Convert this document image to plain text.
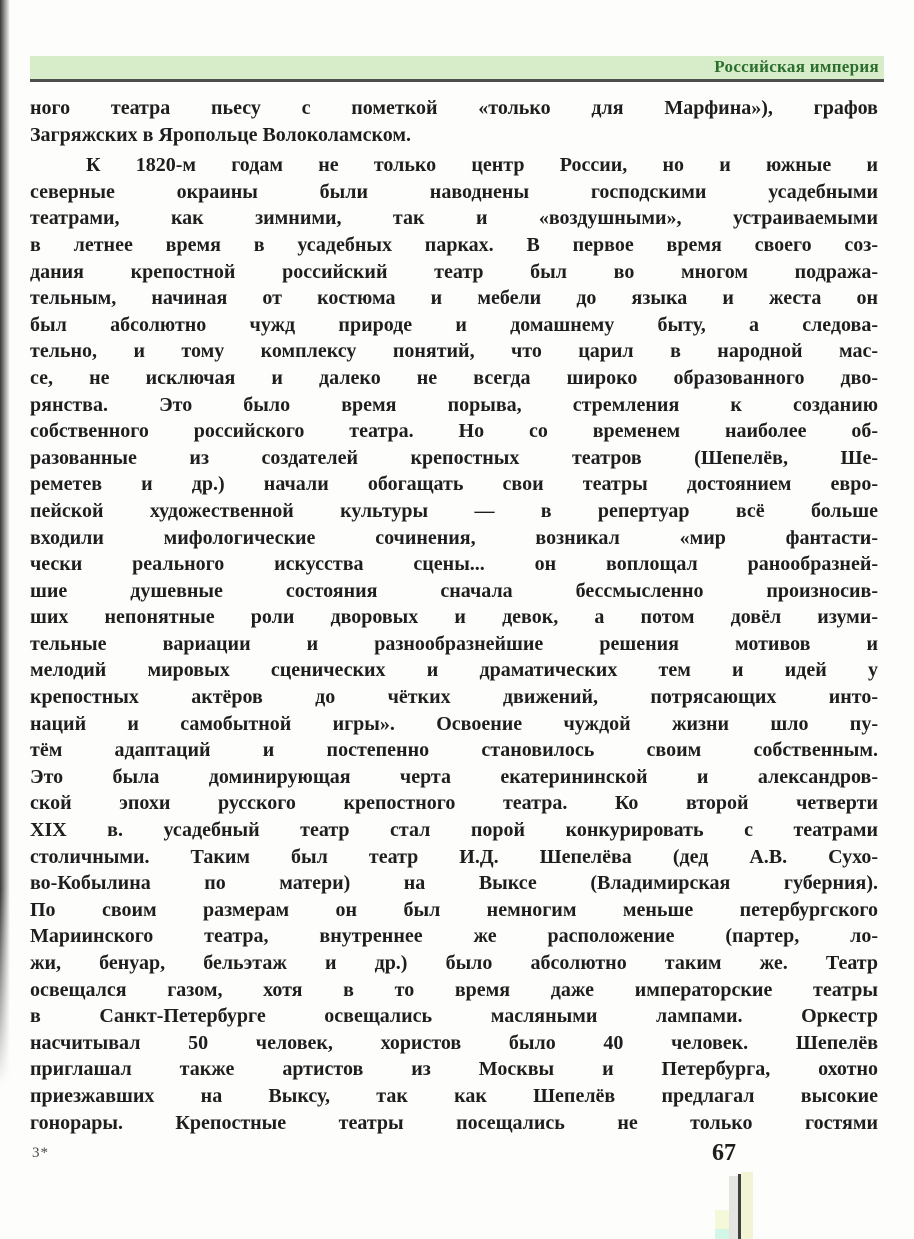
Российская империя
ного театра пьесу с пометкой «только для Марфина»), графов
Загряжских в Яропольце Волоколамском.
К 1820-м годам не только центр России, но и южные и
северные окраины были наводнены господскими усадебными
театрами, как зимними, так и «воздушными», устраиваемыми
в летнее время в усадебных парках. В первое время своего соз-
дания крепостной российский театр был во многом подража-
тельным, начиная от костюма и мебели до языка и жеста он
был абсолютно чужд природе и домашнему быту, а следова-
тельно, и тому комплексу понятий, что царил в народной мас-
се, не исключая и далеко не всегда широко образованного дво-
рянства. Это было время порыва, стремления к созданию
собственного российского театра. Но со временем наиболее об-
разованные из создателей крепостных театров (Шепелёв, Ше-
реметев и др.) начали обогащать свои театры достоянием евро-
пейской художественной культуры — в репертуар всё больше
входили мифологические сочинения, возникал «мир фантасти-
чески реального искусства сцены... он воплощал ранообразней-
шие душевные состояния сначала бессмысленно произносив-
ших непонятные роли дворовых и девок, а потом довёл изуми-
тельные вариации и разнообразнейшие решения мотивов и
мелодий мировых сценических и драматических тем и идей у
крепостных актёров до чётких движений, потрясающих инто-
наций и самобытной игры». Освоение чуждой жизни шло пу-
тём адаптаций и постепенно становилось своим собственным.
Это была доминирующая черта екатерининской и александров-
ской эпохи русского крепостного театра. Ко второй четверти
XIX в. усадебный театр стал порой конкурировать с театрами
столичными. Таким был театр И.Д. Шепелёва (дед А.В. Сухо-
во-Кобылина по матери) на Выксе (Владимирская губерния).
По своим размерам он был немногим меньше петербургского
Мариинского театра, внутреннее же расположение (партер, ло-
жи, бенуар, бельэтаж и др.) было абсолютно таким же. Театр
освещался газом, хотя в то время даже императорские театры
в Санкт-Петербурге освещались масляными лампами. Оркестр
насчитывал 50 человек, хористов было 40 человек. Шепелёв
приглашал также артистов из Москвы и Петербурга, охотно
приезжавших на Выксу, так как Шепелёв предлагал высокие
гонорары. Крепостные театры посещались не только гостями
3*	67
